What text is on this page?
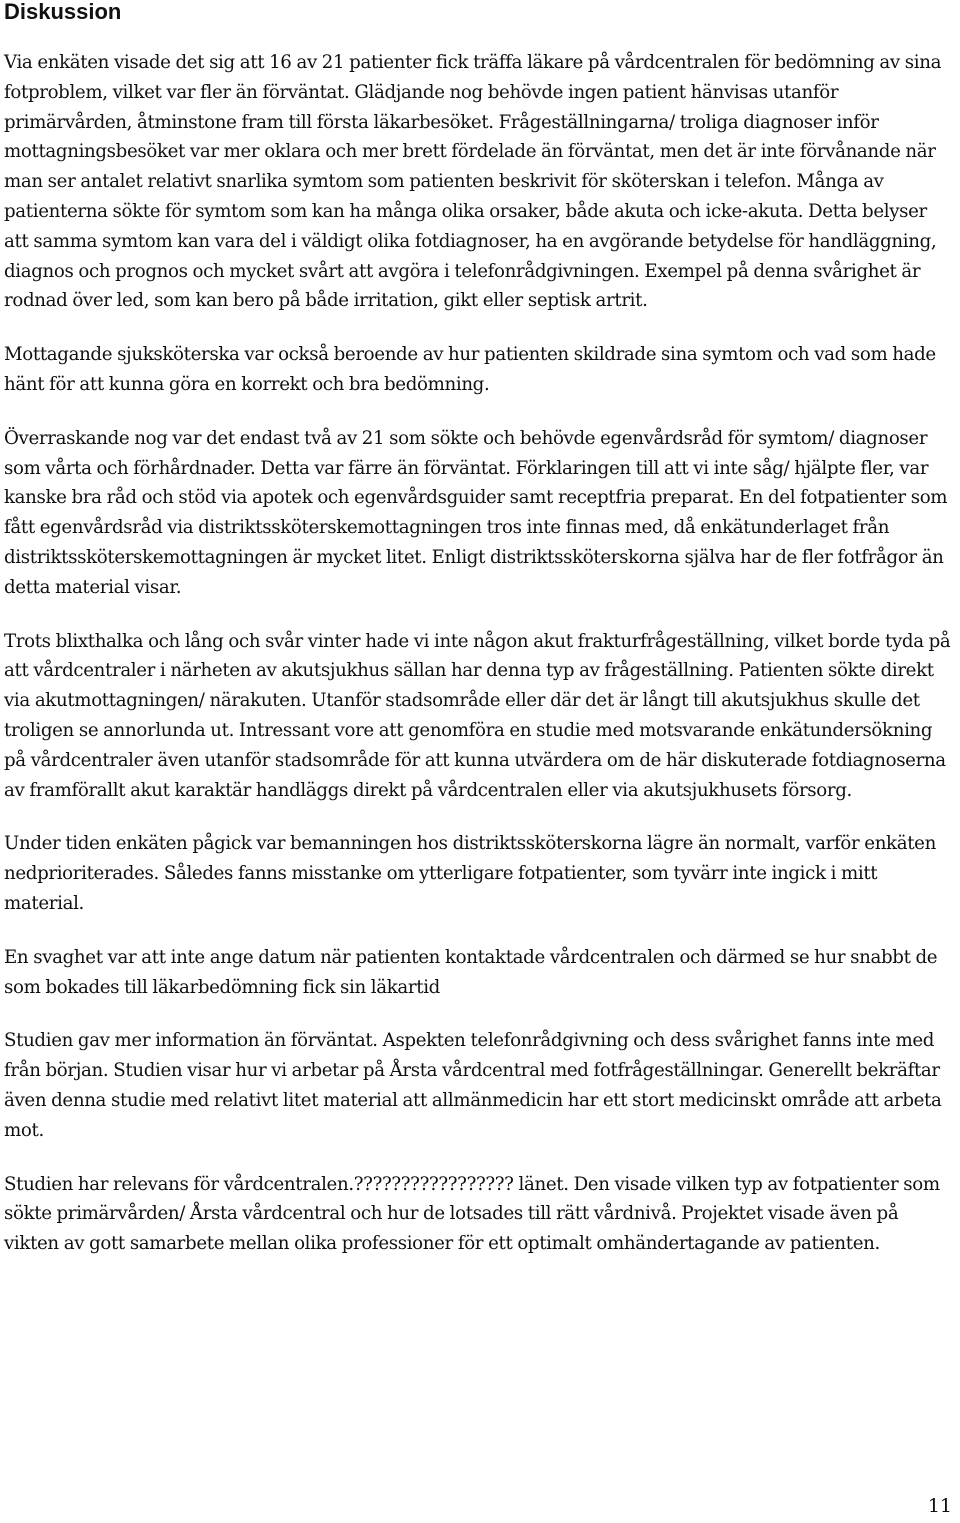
Diskussion

Via enkäten visade det sig att 16 av 21 patienter fick träffa läkare på vårdcentralen för bedömning av sina fotproblem, vilket var fler än förväntat. Glädjande nog behövde ingen patient hänvisas utanför primärvården, åtminstone fram till första läkarbesöket. Frågeställningarna/ troliga diagnoser inför mottagningsbesöket var mer oklara och mer brett fördelade än förväntat, men det är inte förvånande när man ser antalet relativt snarlika symtom som patienten beskrivit för sköterskan i telefon. Många av patienterna sökte för symtom som kan ha många olika orsaker, både akuta och icke-akuta. Detta belyser att samma symtom kan vara del i väldigt olika fotdiagnoser, ha en avgörande betydelse för handläggning, diagnos och prognos och mycket svårt att avgöra i telefonrådgivningen. Exempel på denna svårighet är rodnad över led, som kan bero på både irritation, gikt eller septisk artrit.

Mottagande sjuksköterska var också beroende av hur patienten skildrade sina symtom och vad som hade hänt för att kunna göra en korrekt och bra bedömning.

Överraskande nog var det endast två av 21 som sökte och behövde egenvårdsråd för symtom/ diagnoser som vårta och förhårdnader. Detta var färre än förväntat. Förklaringen till att vi inte såg/ hjälpte fler, var kanske bra råd och stöd via apotek och egenvårdsguider samt receptfria preparat. En del fotpatienter som fått egenvårdsråd via distriktssköterskemottagningen tros inte finnas med, då enkätunderlaget från distriktssköterskemottagningen är mycket litet. Enligt distriktssköterskorna själva har de fler fotfrågor än detta material visar.

Trots blixthalka och lång och svår vinter hade vi inte någon akut frakturfrågeställning, vilket borde tyda på att vårdcentraler i närheten av akutsjukhus sällan har denna typ av frågeställning. Patienten sökte direkt via akutmottagningen/ närakuten. Utanför stadsområde eller där det är långt till akutsjukhus skulle det troligen se annorlunda ut. Intressant vore att genomföra en studie med motsvarande enkätundersökning på vårdcentraler även utanför stadsområde för att kunna utvärdera om de här diskuterade fotdiagnoserna av framförallt akut karaktär handläggs direkt på vårdcentralen eller via akutsjukhusets försorg.

Under tiden enkäten pågick var bemanningen hos distriktssköterskorna lägre än normalt, varför enkäten nedprioriterades. Således fanns misstanke om ytterligare fotpatienter, som tyvärr inte ingick i mitt material.

En svaghet var att inte ange datum när patienten kontaktade vårdcentralen och därmed se hur snabbt de som bokades till läkarbedömning fick sin läkartid

Studien gav mer information än förväntat. Aspekten telefonrådgivning och dess svårighet fanns inte med från början. Studien visar hur vi arbetar på Årsta vårdcentral med fotfrågeställningar. Generellt bekräftar även denna studie med relativt litet material att allmänmedicin har ett stort medicinskt område att arbeta mot.

Studien har relevans för vårdcentralen.????????????????? länet. Den visade vilken typ av fotpatienter som sökte primärvården/ Årsta vårdcentral och hur de lotsades till rätt vårdnivå. Projektet visade även på vikten av gott samarbete mellan olika professioner för ett optimalt omhändertagande av patienten.

11
